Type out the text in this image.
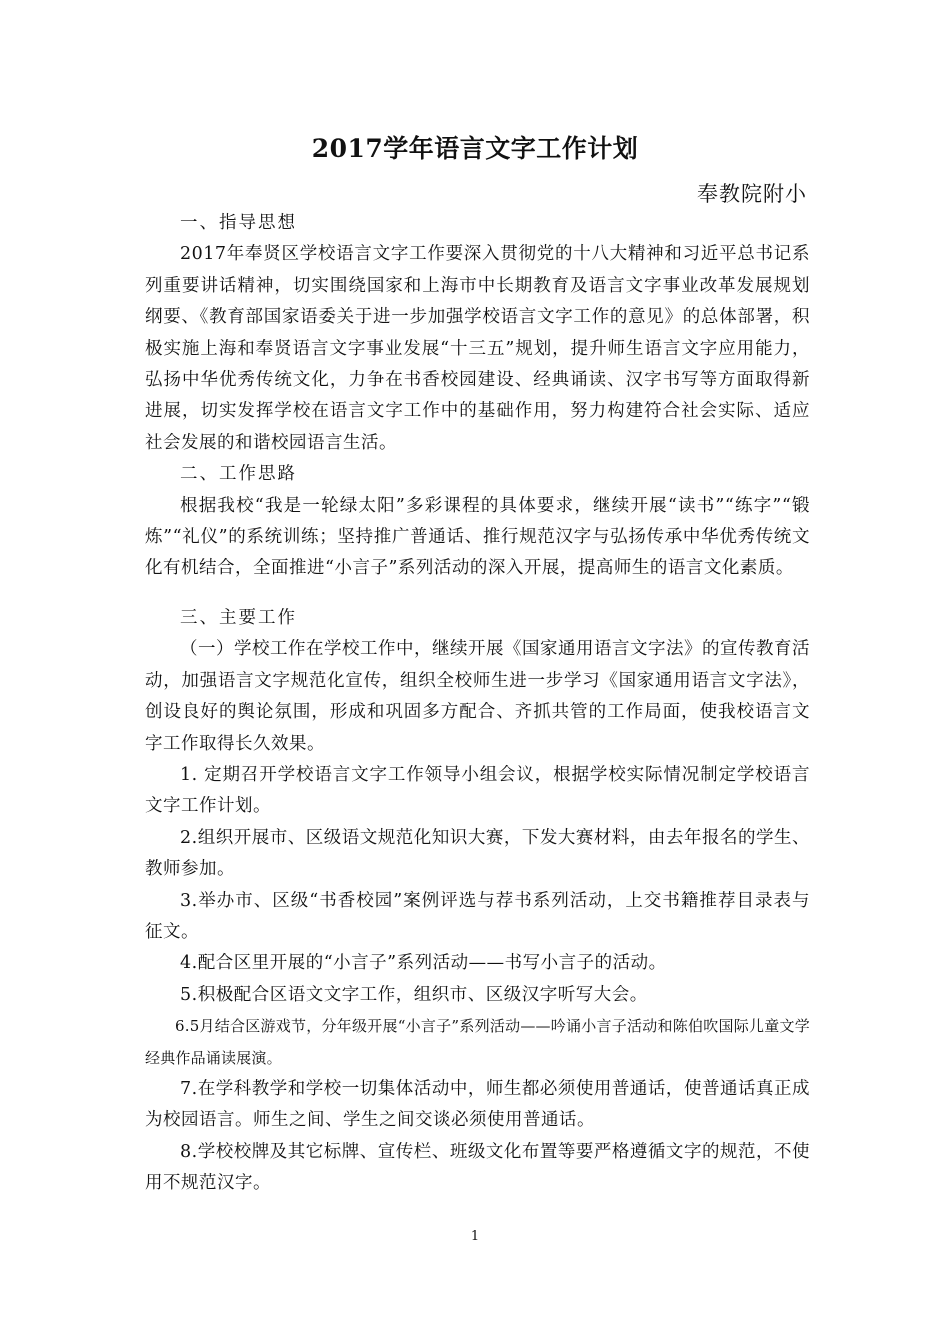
2017学年语言文字工作计划
奉教院附小

一、指导思想

2017年奉贤区学校语言文字工作要深入贯彻党的十八大精神和习近平总书记系列重要讲话精神，切实围绕国家和上海市中长期教育及语言文字事业改革发展规划纲要、《教育部国家语委关于进一步加强学校语言文字工作的意见》的总体部署，积极实施上海和奉贤语言文字事业发展“十三五”规划，提升师生语言文字应用能力，弘扬中华优秀传统文化，力争在书香校园建设、经典诵读、汉字书写等方面取得新进展，切实发挥学校在语言文字工作中的基础作用，努力构建符合社会实际、适应社会发展的和谐校园语言生活。

二、工作思路

根据我校“我是一轮绿太阳”多彩课程的具体要求，继续开展“读书”“练字”“锻炼”“礼仪”的系统训练；坚持推广普通话、推行规范汉字与弘扬传承中华优秀传统文化有机结合，全面推进“小言子”系列活动的深入开展，提高师生的语言文化素质。

三、主要工作

（一）学校工作在学校工作中，继续开展《国家通用语言文字法》的宣传教育活动，加强语言文字规范化宣传，组织全校师生进一步学习《国家通用语言文字法》，创设良好的舆论氛围，形成和巩固多方配合、齐抓共管的工作局面，使我校语言文字工作取得长久效果。

1. 定期召开学校语言文字工作领导小组会议，根据学校实际情况制定学校语言文字工作计划。

2.组织开展市、区级语文规范化知识大赛，下发大赛材料，由去年报名的学生、教师参加。

3.举办市、区级“书香校园”案例评选与荐书系列活动，上交书籍推荐目录表与征文。

4.配合区里开展的“小言子”系列活动——书写小言子的活动。

5.积极配合区语文文字工作，组织市、区级汉字听写大会。

6.5月结合区游戏节，分年级开展“小言子”系列活动——吟诵小言子活动和陈伯吹国际儿童文学经典作品诵读展演。

7.在学科教学和学校一切集体活动中，师生都必须使用普通话，使普通话真正成为校园语言。师生之间、学生之间交谈必须使用普通话。

8.学校校牌及其它标牌、宣传栏、班级文化布置等要严格遵循文字的规范，不使用不规范汉字。

1
